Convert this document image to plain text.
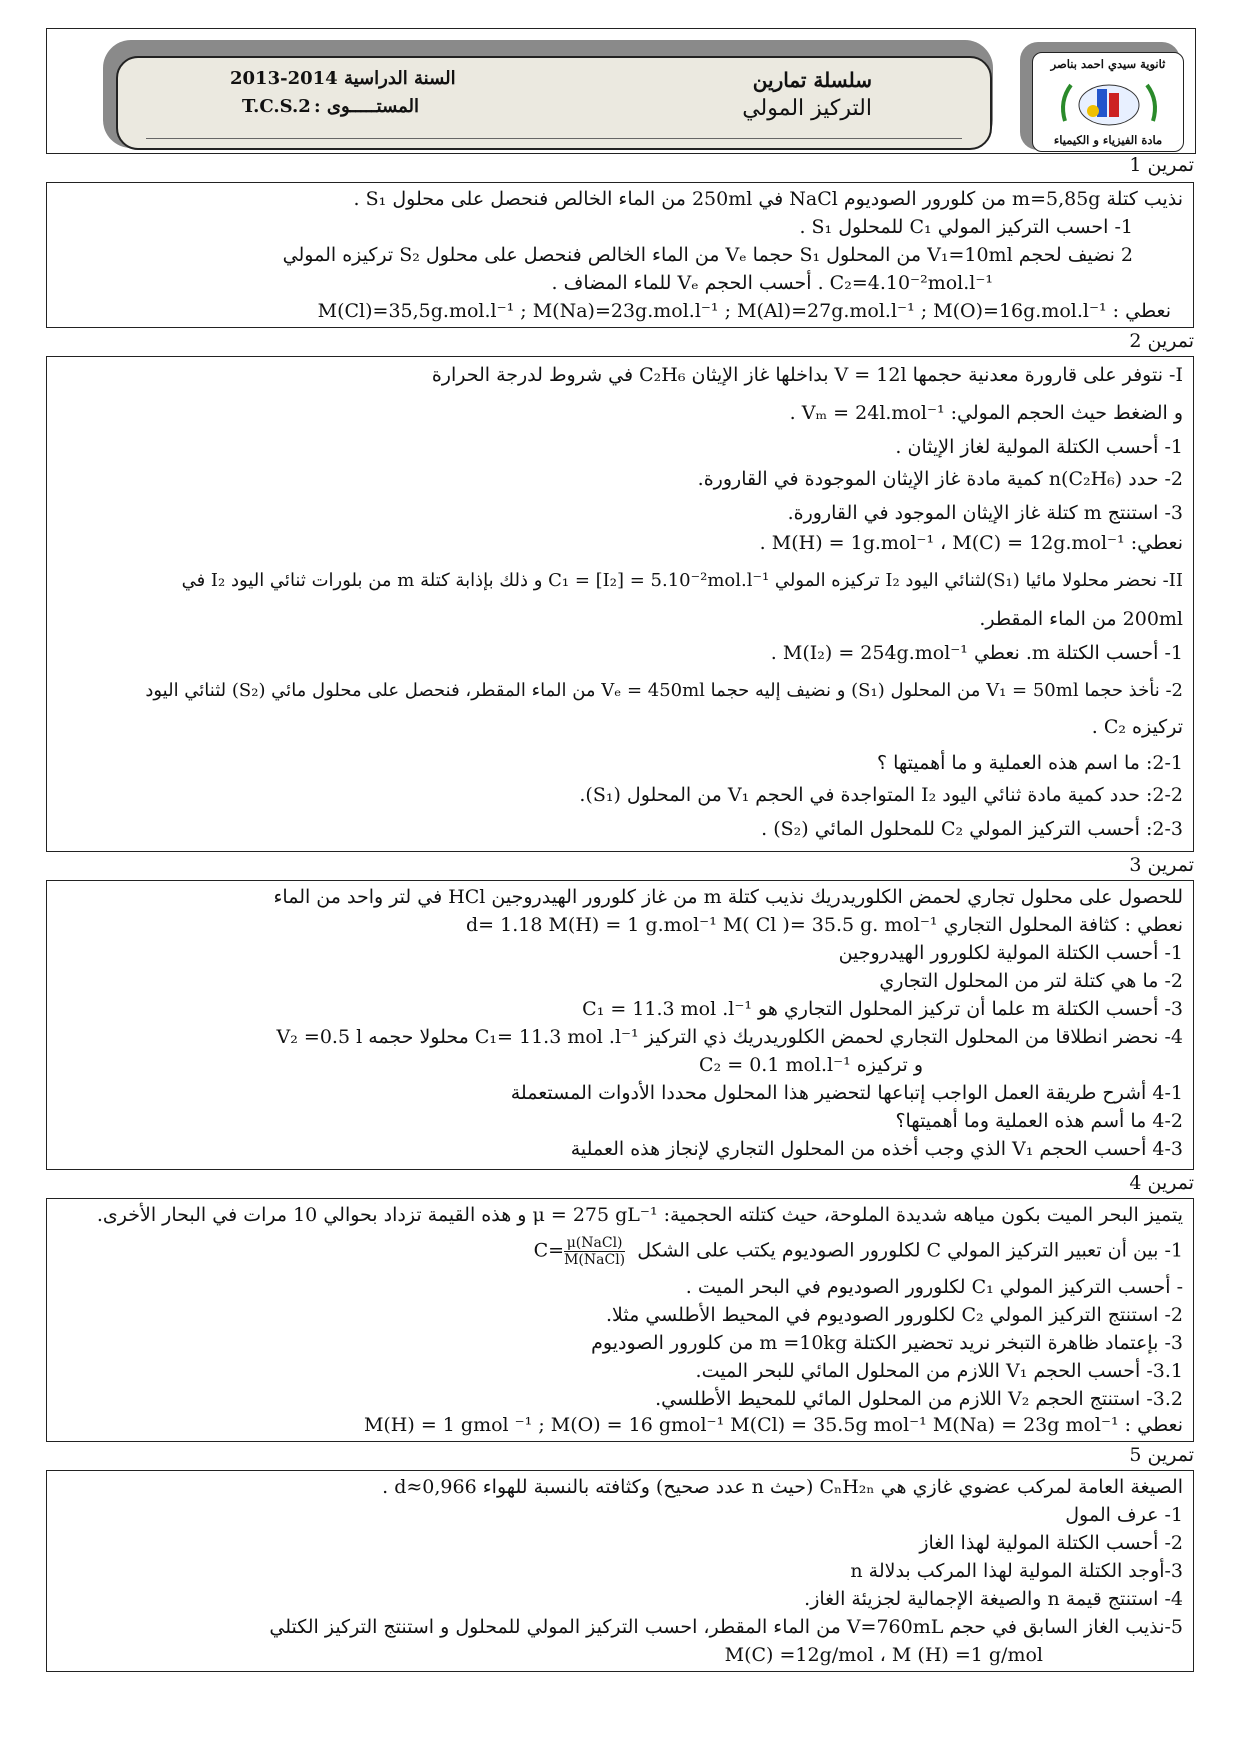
سلسلة تمارين
التركيز المولي
السنة الدراسية 2014-2013
المستـــــوى :
T.C.S.2
ثانوية سيدي احمد بناصر
مادة الفيزياء و الكيمياء
تمرين 1
نذيب كتلة m=5,85g من كلورور الصوديوم NaCl في 250ml من الماء الخالص فنحصل على محلول S₁ .
1- احسب التركيز المولي C₁ للمحلول S₁ .
2 نضيف لحجم V₁=10ml من المحلول S₁ حجما Vₑ من الماء الخالص فنحصل على محلول S₂ تركيزه المولي
C₂=4.10⁻²mol.l⁻¹ . أحسب الحجم Vₑ للماء المضاف .
نعطي : M(Cl)=35,5g.mol.l⁻¹ ; M(Na)=23g.mol.l⁻¹ ; M(Al)=27g.mol.l⁻¹ ; M(O)=16g.mol.l⁻¹
تمرين 2
I- نتوفر على قارورة معدنية حجمها V = 12l بداخلها غاز الإيثان C₂H₆ في شروط لدرجة الحرارة
و الضغط حيث الحجم المولي: Vₘ = 24l.mol⁻¹ .
1- أحسب الكتلة المولية لغاز الإيثان .
2- حدد n(C₂H₆) كمية مادة غاز الإيثان الموجودة في القارورة.
3- استنتج m كتلة غاز الإيثان الموجود في القارورة.
نعطي: M(H) = 1g.mol⁻¹ ، M(C) = 12g.mol⁻¹ .
II- نحضر محلولا مائيا (S₁)لثنائي اليود I₂ تركيزه المولي C₁ = [I₂] = 5.10⁻²mol.l⁻¹ و ذلك بإذابة كتلة m من بلورات ثنائي اليود I₂ في
200ml من الماء المقطر.
1- أحسب الكتلة m. نعطي M(I₂) = 254g.mol⁻¹ .
2- نأخذ حجما V₁ = 50ml من المحلول (S₁) و نضيف إليه حجما Vₑ = 450ml من الماء المقطر، فنحصل على محلول مائي (S₂) لثنائي اليود
تركيزه C₂ .
2-1: ما اسم هذه العملية و ما أهميتها ؟
2-2: حدد كمية مادة ثنائي اليود I₂ المتواجدة في الحجم V₁ من المحلول (S₁).
2-3: أحسب التركيز المولي C₂ للمحلول المائي (S₂) .
تمرين 3
للحصول على محلول تجاري لحمض الكلوريدريك نذيب كتلة m من غاز كلورور الهيدروجين HCl في لتر واحد من الماء
نعطي : كثافة المحلول التجاري d= 1.18 M(H) = 1 g.mol⁻¹ M( Cl )= 35.5 g. mol⁻¹
1- أحسب الكتلة المولية لكلورور الهيدروجين
2- ما هي كتلة لتر من المحلول التجاري
3- أحسب الكتلة m علما أن تركيز المحلول التجاري هو C₁ = 11.3 mol .l⁻¹
4- نحضر انطلاقا من المحلول التجاري لحمض الكلوريدريك ذي التركيز C₁= 11.3 mol .l⁻¹ محلولا حجمه V₂ =0.5 l
و تركيزه C₂ = 0.1 mol.l⁻¹
4-1 أشرح طريقة العمل الواجب إتباعها لتحضير هذا المحلول محددا الأدوات المستعملة
4-2 ما أسم هذه العملية وما أهميتها؟
4-3 أحسب الحجم V₁ الذي وجب أخذه من المحلول التجاري لإنجاز هذه العملية
تمرين 4
يتميز البحر الميت بكون مياهه شديدة الملوحة، حيث كتلته الحجمية: μ = 275 gL⁻¹ و هذه القيمة تزداد بحوالي 10 مرات في البحار الأخرى.
1- بين أن تعبير التركيز المولي C لكلورور الصوديوم يكتب على الشكل $C= \frac{\text{μ(NaCl)}}{\text{M(NaCl)}}$
- أحسب التركيز المولي C₁ لكلورور الصوديوم في البحر الميت .
2- استنتج التركيز المولي C₂ لكلورور الصوديوم في المحيط الأطلسي مثلا.
3- بإعتماد ظاهرة التبخر نريد تحضير الكتلة m =10kg من كلورور الصوديوم
3.1- أحسب الحجم V₁ اللازم من المحلول المائي للبحر الميت.
3.2- استنتج الحجم V₂ اللازم من المحلول المائي للمحيط الأطلسي.
نعطي : M(H) = 1 gmol ⁻¹ ; M(O) = 16 gmol⁻¹ M(Cl) = 35.5g mol⁻¹ M(Na) = 23g mol⁻¹
تمرين 5
الصيغة العامة لمركب عضوي غازي هي CₙH₂ₙ (حيث n عدد صحيح) وكثافته بالنسبة للهواء d≈0,966 .
1- عرف المول
2- أحسب الكتلة المولية لهذا الغاز
3-أوجد الكتلة المولية لهذا المركب بدلالة n
4- استنتج قيمة n والصيغة الإجمالية لجزيئة الغاز.
5-نذيب الغاز السابق في حجم V=760mL من الماء المقطر، احسب التركيز المولي للمحلول و استنتج التركيز الكتلي
M(C) =12g/mol ، M (H) =1 g/mol
